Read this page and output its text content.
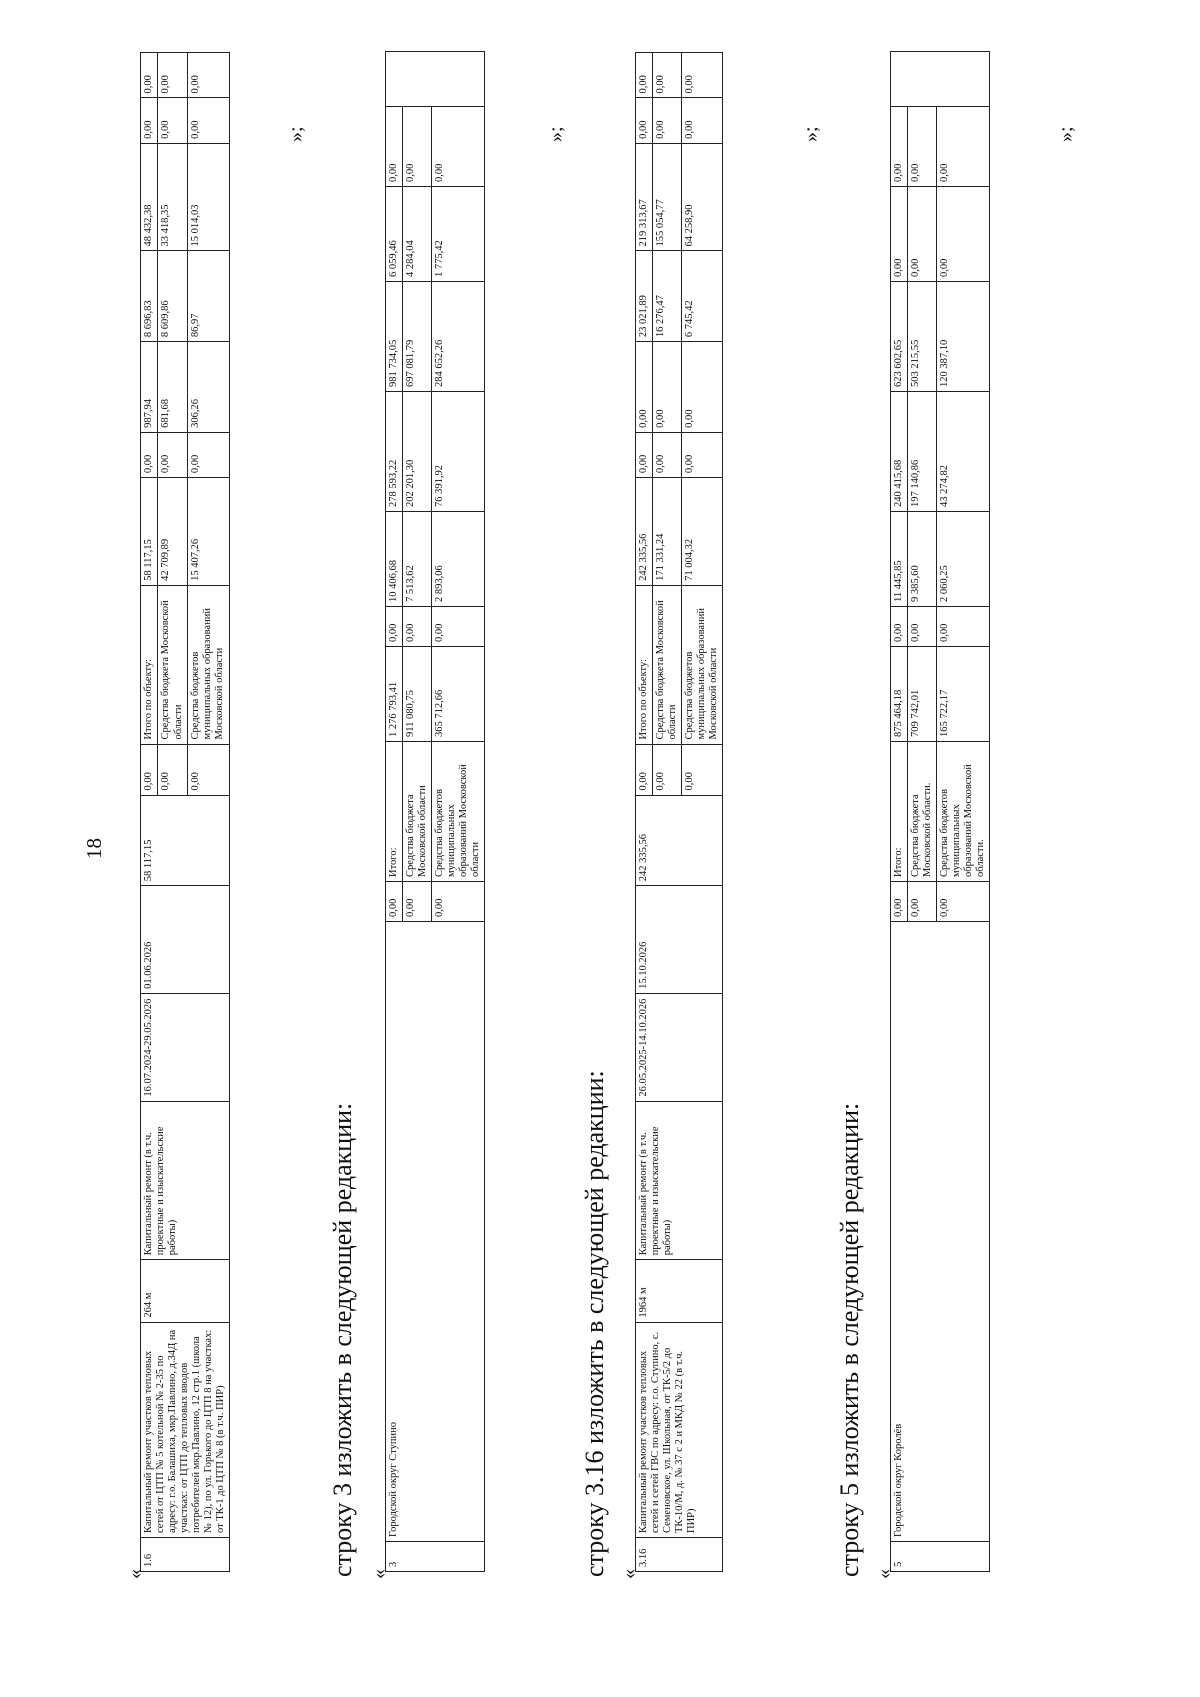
18
«
1.6	Капитальный ремонт участков тепловых сетей от ЦТП № 5 котельной № 2-35 по адресу: г.о. Балашиха, мкр.Павлино, д.34Д на участках: от ЦТП до тепловых вводов потребителей мкр.Павлино, 12 стр.1 (школа № 12), по ул. Горького до ЦТП 8 на участках: от ТК-1 до ЦТП № 8 (в т.ч. ПИР)	264 м	Капитальный ремонт (в т.ч. проектные и изыскательские работы)	16.07.2024-29.05.2026	01.06.2026	58 117,15	0,00	Итого по объекту:	58 117,15	0,00	987,94	8 696,83	48 432,38	0,00	0,00
							0,00	Средства бюджета Московской области	42 709,89	0,00	681,68	8 609,86	33 418,35	0,00	0,00
							0,00	Средства бюджетов муниципальных образований Московской области	15 407,26	0,00	306,26	86,97	15 014,03	0,00	0,00
»;
строку 3 изложить в следующей редакции: «
3	Городской округ Ступино	0,00	Итого:	1 276 793,41	0,00	10 406,68	278 593,22	981 734,05	6 059,46	0,00	
		0,00	Средства бюджета Московской области	911 080,75	0,00	7 513,62	202 201,30	697 081,79	4 284,04	0,00	
		0,00	Средства бюджетов муниципальных образований Московской области	365 712,66	0,00	2 893,06	76 391,92	284 652,26	1 775,42	0,00	
»;
строку 3.16 изложить в следующей редакции: «
3.16	Капитальный ремонт участков тепловых сетей и сетей ГВС по адресу: г.о. Ступино, с. Семеновское, ул. Школьная, от ТК-5/2 до ТК-10/М, д. № 37 с 2 и МКД № 22 (в т.ч. ПИР)	1964 м	Капитальный ремонт (в т.ч. проектные и изыскательские работы)	26.05.2025-14.10.2026	15.10.2026	242 335,56	0,00	Итого по объекту:	242 335,56	0,00	0,00	23 021,89	219 313,67	0,00	0,00
							0,00	Средства бюджета Московской области	171 331,24	0,00	0,00	16 276,47	155 054,77	0,00	0,00
							0,00	Средства бюджетов муниципальных образований Московской области	71 004,32	0,00	0,00	6 745,42	64 258,90	0,00	0,00
»;
строку 5 изложить в следующей редакции: «
5	Городской округ Королёв	0,00	Итого:	875 464,18	0,00	11 445,85	240 415,68	623 602,65	0,00	0,00	
		0,00	Средства бюджета Московской области.	709 742,01	0,00	9 385,60	197 140,86	503 215,55	0,00	0,00	
		0,00	Средства бюджетов муниципальных образований Московской области.	165 722,17	0,00	2 060,25	43 274,82	120 387,10	0,00	0,00	
»;
